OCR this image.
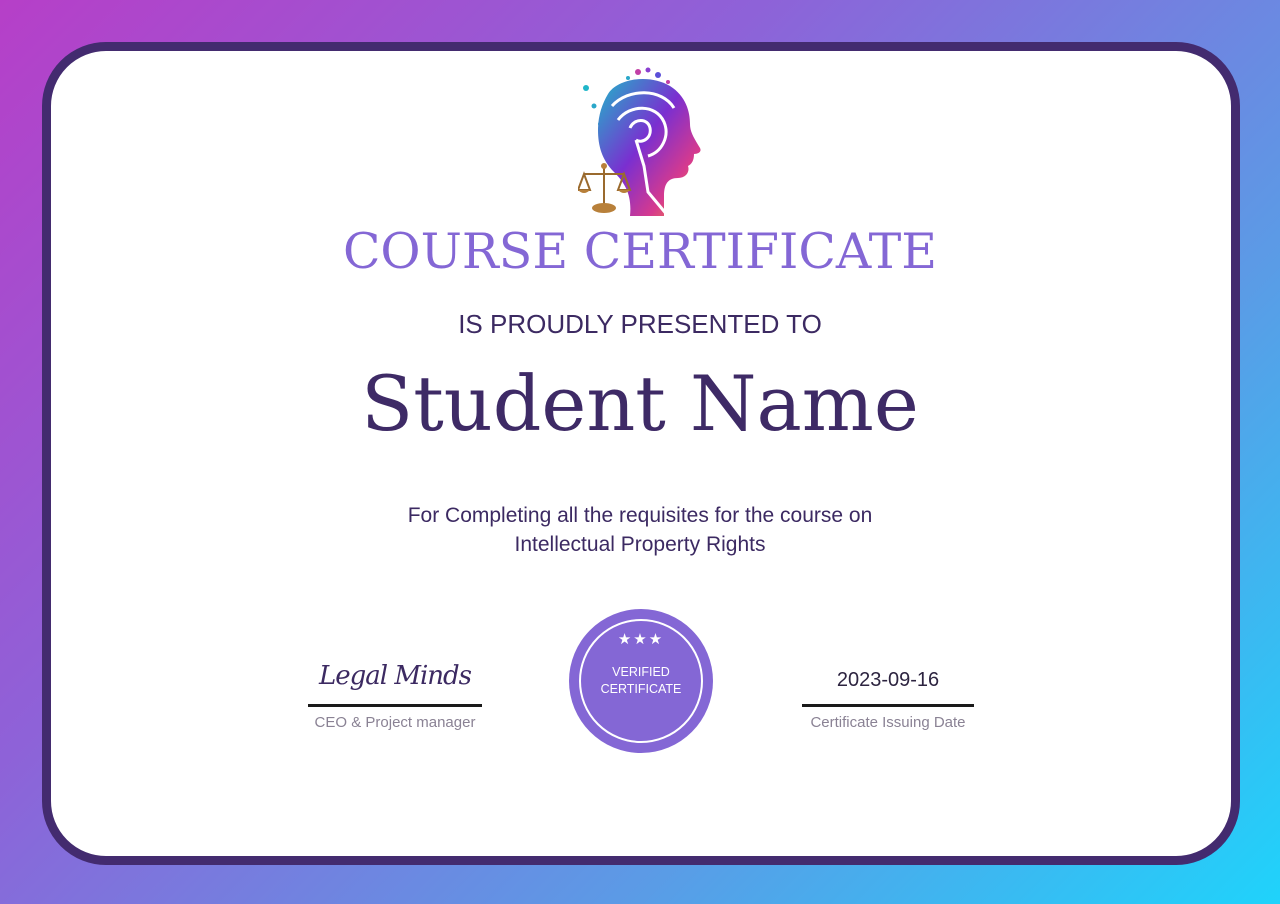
COURSE CERTIFICATE
IS PROUDLY PRESENTED TO
Student Name
For Completing all the requisites for the course on
Intellectual Property Rights
Legal Minds
CEO & Project manager
★★★
VERIFIED
CERTIFICATE	2023-09-16
Certificate Issuing Date
